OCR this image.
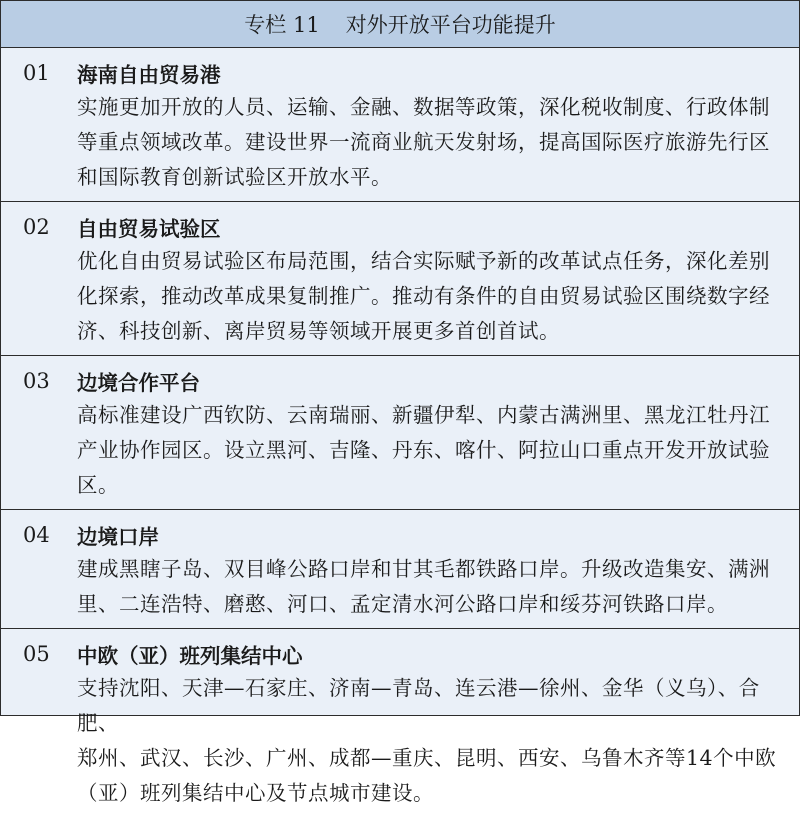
专栏 11 对外开放平台功能提升
01	海南自由贸易港
实施更加开放的人员、运输、金融、数据等政策，深化税收制度、行政体制
等重点领域改革。建设世界一流商业航天发射场，提高国际医疗旅游先行区
和国际教育创新试验区开放水平。
02	自由贸易试验区
优化自由贸易试验区布局范围，结合实际赋予新的改革试点任务，深化差别
化探索，推动改革成果复制推广。推动有条件的自由贸易试验区围绕数字经
济、科技创新、离岸贸易等领域开展更多首创首试。
03	边境合作平台
高标准建设广西钦防、云南瑞丽、新疆伊犁、内蒙古满洲里、黑龙江牡丹江
产业协作园区。设立黑河、吉隆、丹东、喀什、阿拉山口重点开发开放试验区。
04	边境口岸
建成黑瞎子岛、双目峰公路口岸和甘其毛都铁路口岸。升级改造集安、满洲
里、二连浩特、磨憨、河口、孟定清水河公路口岸和绥芬河铁路口岸。
05	中欧（亚）班列集结中心
支持沈阳、天津—石家庄、济南—青岛、连云港—徐州、金华（义乌）、合肥、
郑州、武汉、长沙、广州、成都—重庆、昆明、西安、乌鲁木齐等14个中欧
（亚）班列集结中心及节点城市建设。
